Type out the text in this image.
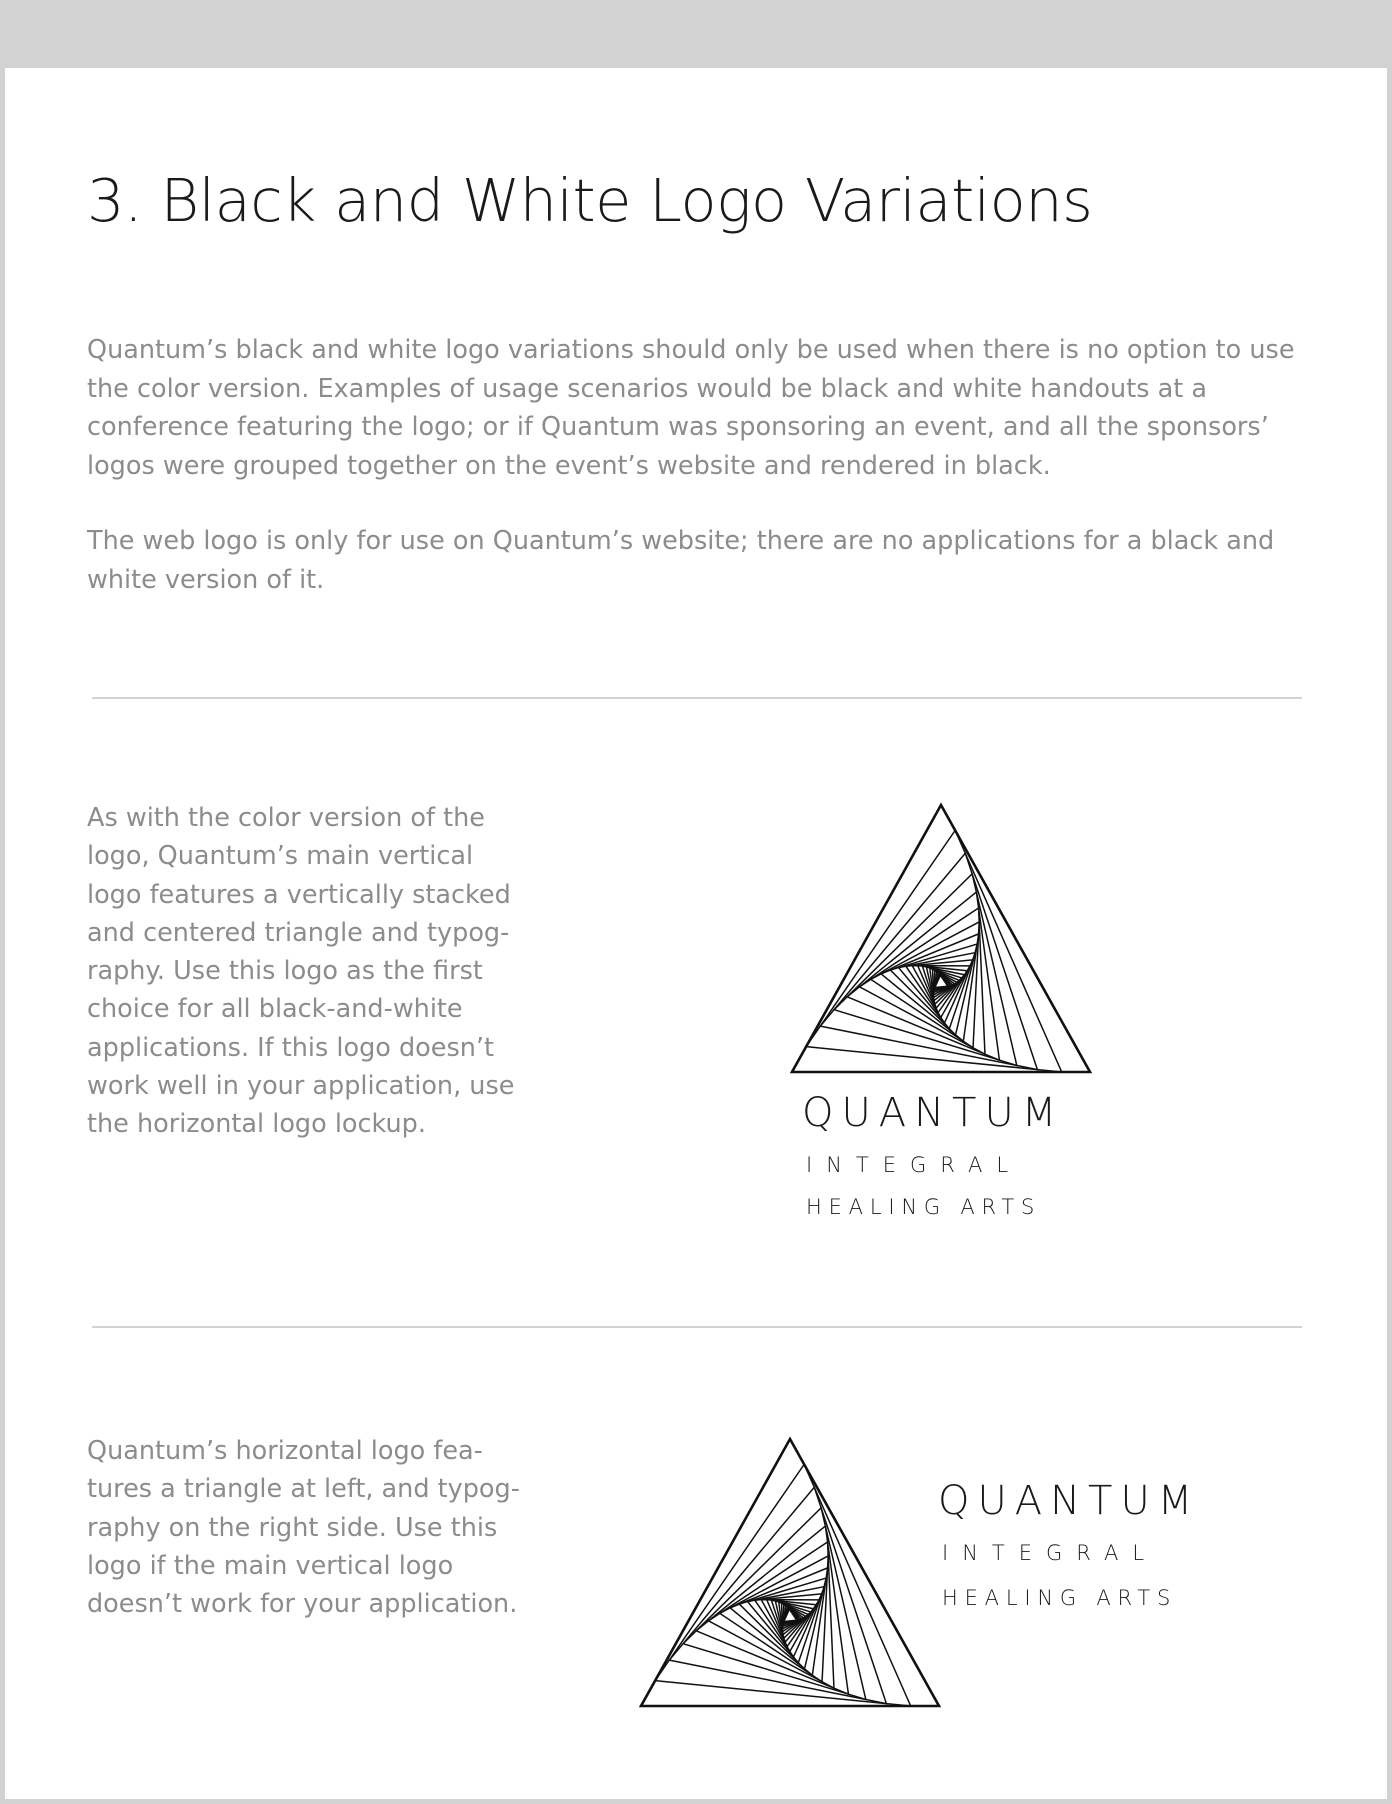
3. Black and White Logo Variations

Quantum’s black and white logo variations should only be used when there is no option to use the color version. Examples of usage scenarios would be black and white handouts at a conference featuring the logo; or if Quantum was sponsoring an event, and all the sponsors’ logos were grouped together on the event’s website and rendered in black.

The web logo is only for use on Quantum’s website; there are no applications for a black and white version of it.

As with the color version of the logo, Quantum’s main vertical logo features a vertically stacked and centered triangle and typog- raphy. Use this logo as the first choice for all black-and-white applications. If this logo doesn’t work well in your application, use the horizontal logo lockup.	QUANTUM
INTEGRAL
HEALING ARTS
Quantum’s horizontal logo fea- tures a triangle at left, and typog- raphy on the right side. Use this logo if the main vertical logo doesn’t work for your application.
QUANTUM
INTEGRAL
HEALING ARTS
